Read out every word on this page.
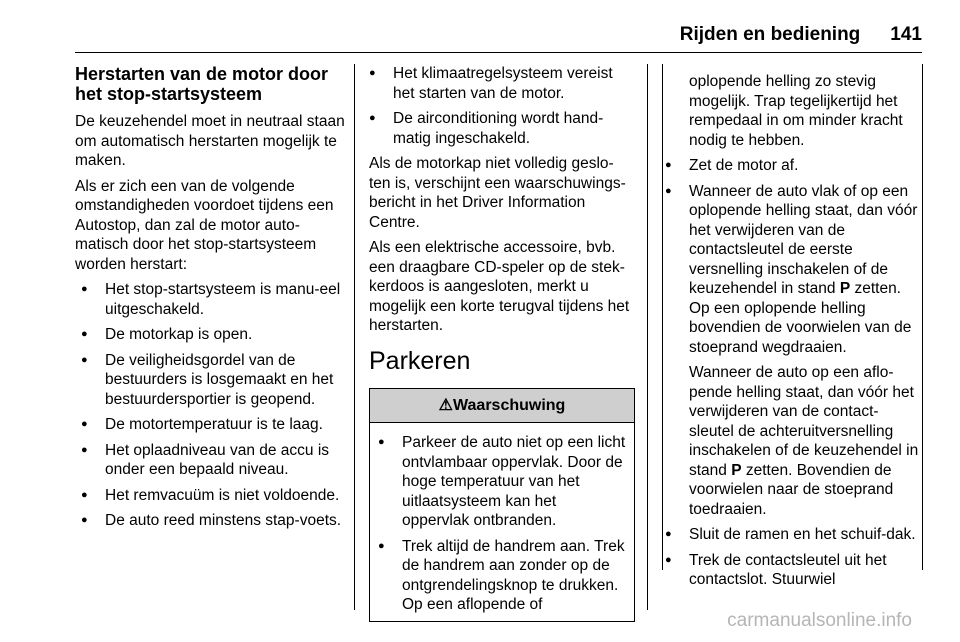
Rijden en bediening 141
Herstarten van de motor door het stop-startsysteem

De keuzehendel moet in neutraal staan om automatisch herstarten mogelijk te maken.

Als er zich een van de volgende omstandigheden voordoet tijdens een Autostop, dan zal de motor auto-matisch door het stop-startsysteem worden herstart:

● Het stop-startsysteem is manu-eel uitgeschakeld.
● De motorkap is open.
● De veiligheidsgordel van de bestuurders is losgemaakt en het bestuurdersportier is geopend.
● De motortemperatuur is te laag.
● Het oplaadniveau van de accu is onder een bepaald niveau.
● Het remvacuüm is niet voldoende.
● De auto reed minstens stap-voets.
● Het klimaatregelsysteem vereist het starten van de motor.
● De airconditioning wordt hand-matig ingeschakeld.

Als de motorkap niet volledig geslo-ten is, verschijnt een waarschuwings-bericht in het Driver Information Centre.

Als een elektrische accessoire, bvb. een draagbare CD-speler op de stek-kerdoos is aangesloten, merkt u mogelijk een korte terugval tijdens het herstarten.

Parkeren
⚠Waarschuwing
● Parkeer de auto niet op een licht ontvlambaar oppervlak. Door de hoge temperatuur van het uitlaatsysteem kan het oppervlak ontbranden.
● Trek altijd de handrem aan. Trek de handrem aan zonder op de ontgrendelingsknop te drukken. Op een aflopende of

oplopende helling zo stevig mogelijk. Trap tegelijkertijd het rempedaal in om minder kracht nodig te hebben.

● Zet de motor af.
● Wanneer de auto vlak of op een oplopende helling staat, dan vóór het verwijderen van de contactsleutel de eerste versnelling inschakelen of de keuzehendel in stand P zetten. Op een oplopende helling bovendien de voorwielen van de stoeprand wegdraaien.

Wanneer de auto op een aflo-pende helling staat, dan vóór het verwijderen van de contact-sleutel de achteruitversnelling inschakelen of de keuzehendel in stand P zetten. Bovendien de voorwielen naar de stoeprand toedraaien.

● Sluit de ramen en het schuif-dak.
● Trek de contactsleutel uit het contactslot. Stuurwiel
carmanualsonline.info
